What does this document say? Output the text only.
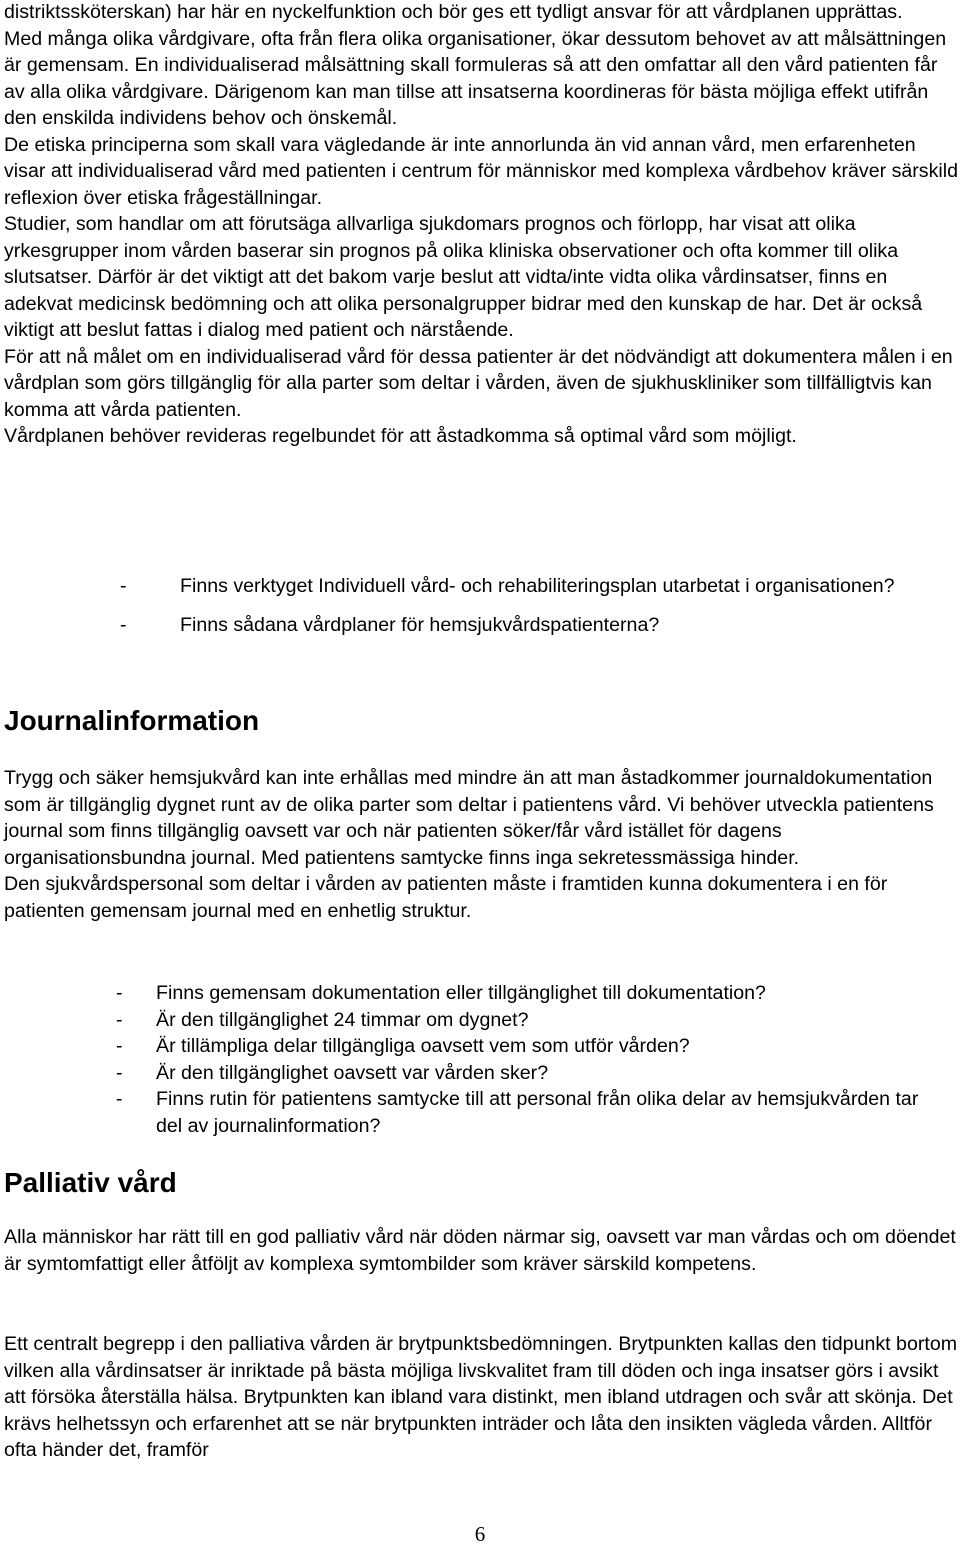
distriktssköterskan) har här en nyckelfunktion och bör ges ett tydligt ansvar för att vårdplanen upprättas.

Med många olika vårdgivare, ofta från flera olika organisationer, ökar dessutom behovet av att målsättningen är gemensam. En individualiserad målsättning skall formuleras så att den omfattar all den vård patienten får av alla olika vårdgivare. Därigenom kan man tillse att insatserna koordineras för bästa möjliga effekt utifrån den enskilda individens behov och önskemål.

De etiska principerna som skall vara vägledande är inte annorlunda än vid annan vård, men erfarenheten visar att individualiserad vård med patienten i centrum för människor med komplexa vårdbehov kräver särskild reflexion över etiska frågeställningar.

Studier, som handlar om att förutsäga allvarliga sjukdomars prognos och förlopp, har visat att olika yrkesgrupper inom vården baserar sin prognos på olika kliniska observationer och ofta kommer till olika slutsatser. Därför är det viktigt att det bakom varje beslut att vidta/inte vidta olika vårdinsatser, finns en adekvat medicinsk bedömning och att olika personalgrupper bidrar med den kunskap de har. Det är också viktigt att beslut fattas i dialog med patient och närstående.

För att nå målet om en individualiserad vård för dessa patienter är det nödvändigt att dokumentera målen i en vårdplan som görs tillgänglig för alla parter som deltar i vården, även de sjukhuskliniker som tillfälligtvis kan komma att vårda patienten.

Vårdplanen behöver revideras regelbundet för att åstadkomma så optimal vård som möjligt.

-	Finns verktyget Individuell vård- och rehabiliteringsplan utarbetat i organisationen?
-	Finns sådana vårdplaner för hemsjukvårdspatienterna?
Journalinformation

Trygg och säker hemsjukvård kan inte erhållas med mindre än att man åstadkommer journaldokumentation som är tillgänglig dygnet runt av de olika parter som deltar i patientens vård. Vi behöver utveckla patientens journal som finns tillgänglig oavsett var och när patienten söker/får vård istället för dagens organisationsbundna journal. Med patientens samtycke finns inga sekretessmässiga hinder.

Den sjukvårdspersonal som deltar i vården av patienten måste i framtiden kunna dokumentera i en för patienten gemensam journal med en enhetlig struktur.

-	Finns gemensam dokumentation eller tillgänglighet till dokumentation?
-	Är den tillgänglighet 24 timmar om dygnet?
-	Är tillämpliga delar tillgängliga oavsett vem som utför vården?
-	Är den tillgänglighet oavsett var vården sker?
-	Finns rutin för patientens samtycke till att personal från olika delar av hemsjukvården tar del av journalinformation?
Palliativ vård

Alla människor har rätt till en god palliativ vård när döden närmar sig, oavsett var man vårdas och om döendet är symtomfattigt eller åtföljt av komplexa symtombilder som kräver särskild kompetens.

Ett centralt begrepp i den palliativa vården är brytpunktsbedömningen. Brytpunkten kallas den tidpunkt bortom vilken alla vårdinsatser är inriktade på bästa möjliga livskvalitet fram till döden och inga insatser görs i avsikt att försöka återställa hälsa. Brytpunkten kan ibland vara distinkt, men ibland utdragen och svår att skönja. Det krävs helhetssyn och erfarenhet att se när brytpunkten inträder och låta den insikten vägleda vården. Alltför ofta händer det, framför

6
